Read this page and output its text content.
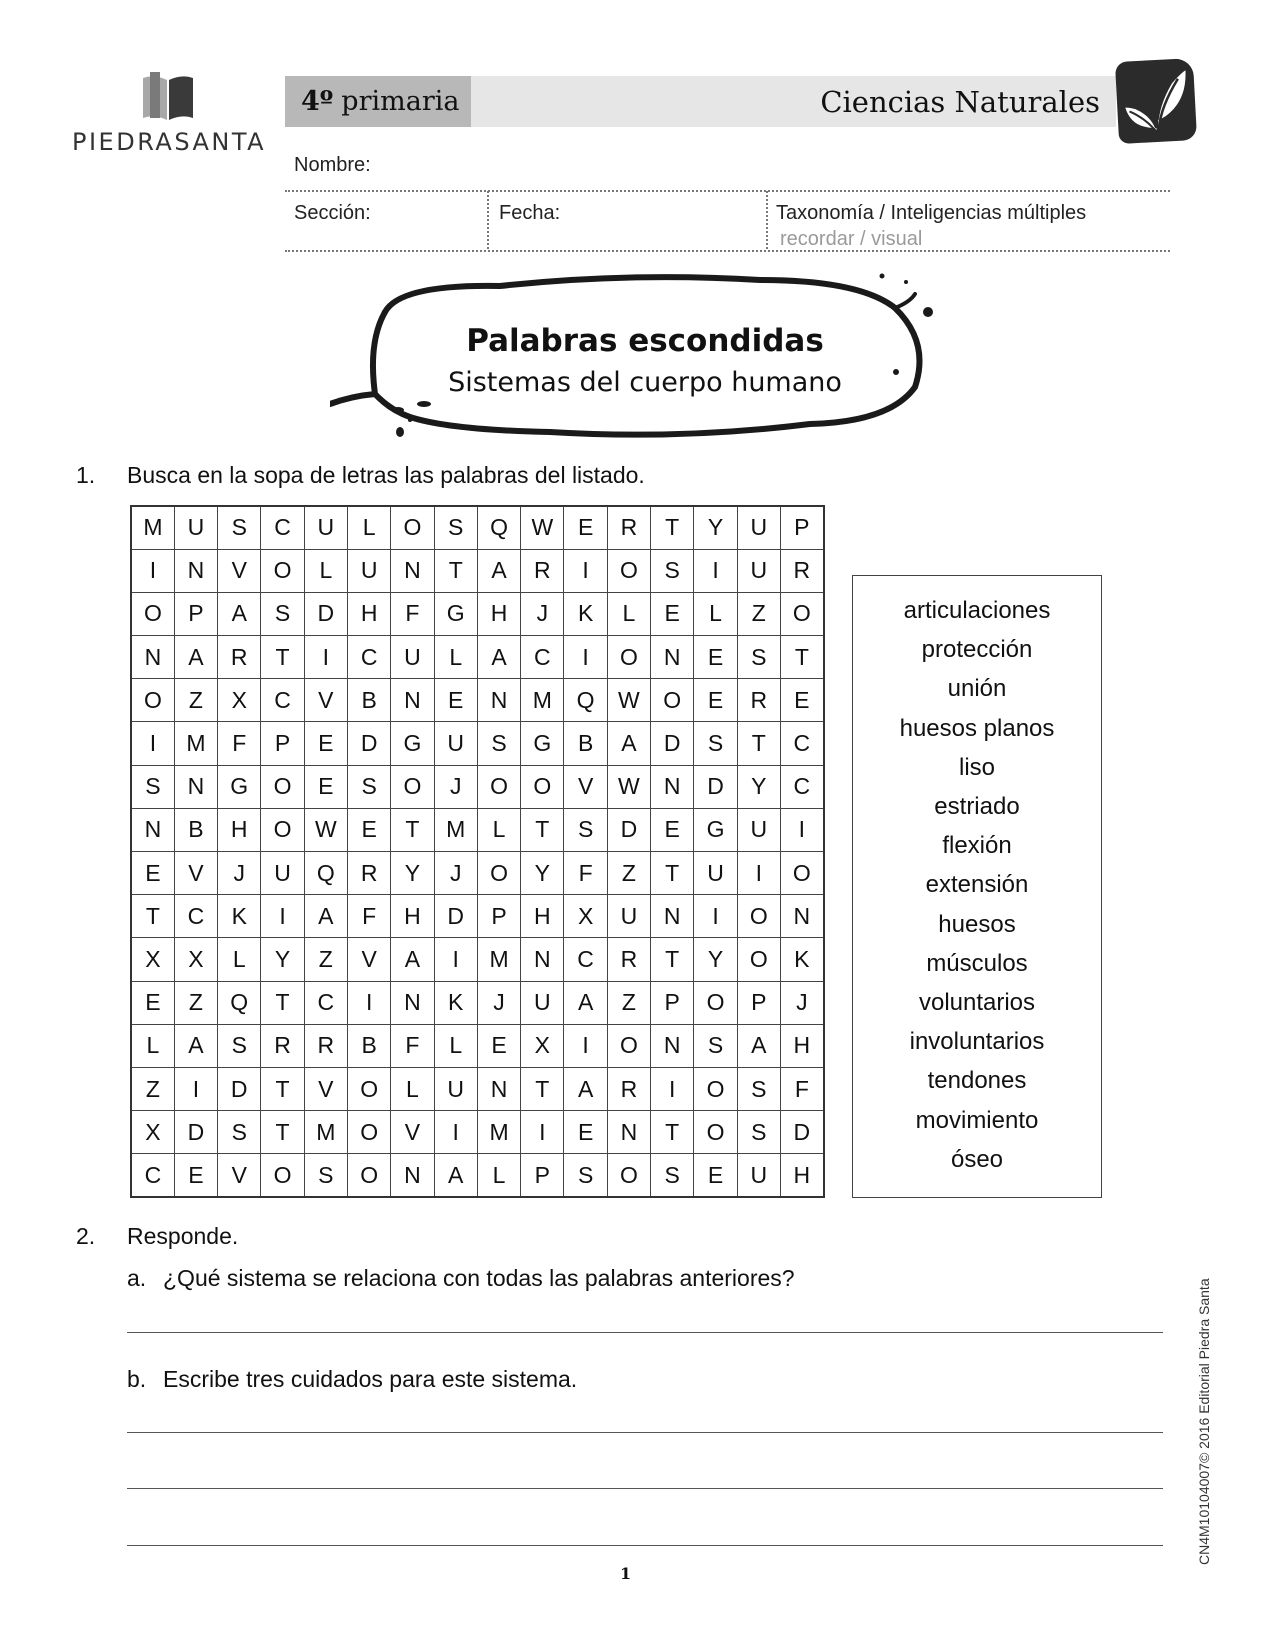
PIEDRASANTA
4º primaria	Ciencias Naturales
Nombre:
Sección:	Fecha:	Taxonomía / Inteligencias múltiples
recordar / visual
Palabras escondidas
Sistemas del cuerpo humano
1. Busca en la sopa de letras las palabras del listado.
M	U	S	C	U	L	O	S	Q	W	E	R	T	Y	U	P
I	N	V	O	L	U	N	T	A	R	I	O	S	I	U	R
O	P	A	S	D	H	F	G	H	J	K	L	E	L	Z	O
N	A	R	T	I	C	U	L	A	C	I	O	N	E	S	T
O	Z	X	C	V	B	N	E	N	M	Q	W	O	E	R	E
I	M	F	P	E	D	G	U	S	G	B	A	D	S	T	C
S	N	G	O	E	S	O	J	O	O	V	W	N	D	Y	C
N	B	H	O	W	E	T	M	L	T	S	D	E	G	U	I
E	V	J	U	Q	R	Y	J	O	Y	F	Z	T	U	I	O
T	C	K	I	A	F	H	D	P	H	X	U	N	I	O	N
X	X	L	Y	Z	V	A	I	M	N	C	R	T	Y	O	K
E	Z	Q	T	C	I	N	K	J	U	A	Z	P	O	P	J
L	A	S	R	R	B	F	L	E	X	I	O	N	S	A	H
Z	I	D	T	V	O	L	U	N	T	A	R	I	O	S	F
X	D	S	T	M	O	V	I	M	I	E	N	T	O	S	D
C	E	V	O	S	O	N	A	L	P	S	O	S	E	U	H
articulaciones
protección
unión
huesos planos
liso
estriado
flexión
extensión
huesos
músculos
voluntarios
involuntarios
tendones
movimiento
óseo
2. Responde.
a. ¿Qué sistema se relaciona con todas las palabras anteriores?
b. Escribe tres cuidados para este sistema.
1
CN4M10104007© 2016 Editorial Piedra Santa
